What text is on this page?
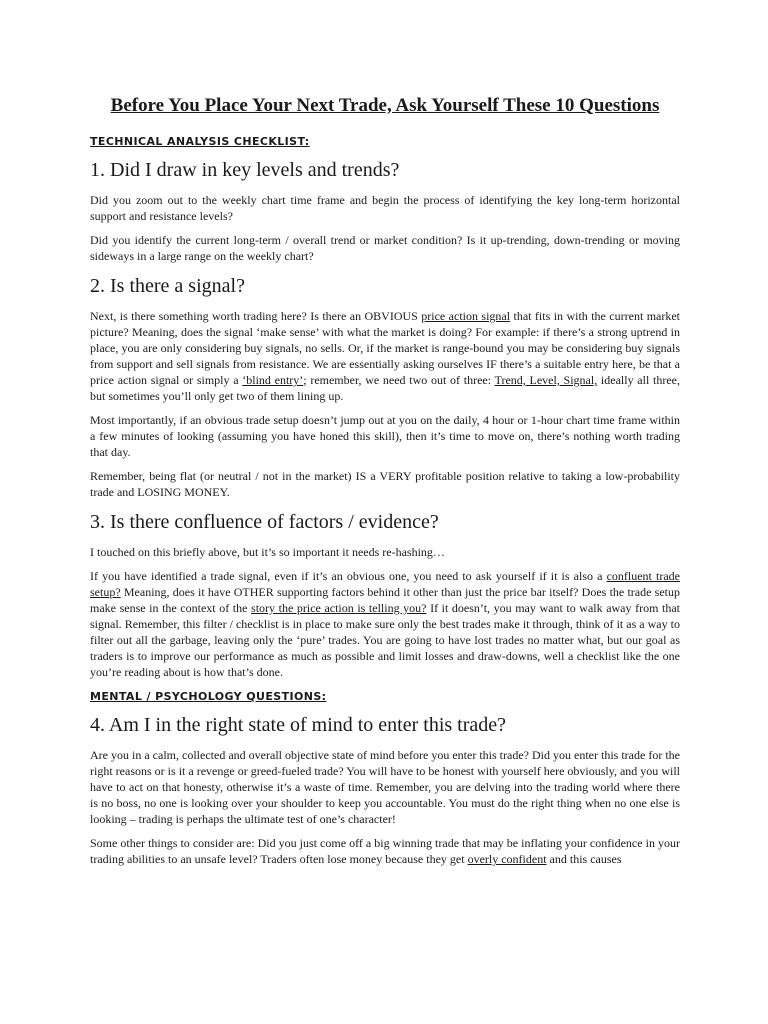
Before You Place Your Next Trade, Ask Yourself These 10 Questions
TECHNICAL ANALYSIS CHECKLIST:
1. Did I draw in key levels and trends?

Did you zoom out to the weekly chart time frame and begin the process of identifying the key long-term horizontal support and resistance levels?

Did you identify the current long-term / overall trend or market condition? Is it up-trending, down-trending or moving sideways in a large range on the weekly chart?

2. Is there a signal?

Next, is there something worth trading here? Is there an OBVIOUS price action signal that fits in with the current market picture? Meaning, does the signal ‘make sense’ with what the market is doing? For example: if there’s a strong uptrend in place, you are only considering buy signals, no sells. Or, if the market is range-bound you may be considering buy signals from support and sell signals from resistance. We are essentially asking ourselves IF there’s a suitable entry here, be that a price action signal or simply a ‘blind entry’; remember, we need two out of three: Trend, Level, Signal, ideally all three, but sometimes you’ll only get two of them lining up.

Most importantly, if an obvious trade setup doesn’t jump out at you on the daily, 4 hour or 1-hour chart time frame within a few minutes of looking (assuming you have honed this skill), then it’s time to move on, there’s nothing worth trading that day.

Remember, being flat (or neutral / not in the market) IS a VERY profitable position relative to taking a low-probability trade and LOSING MONEY.

3. Is there confluence of factors / evidence?

I touched on this briefly above, but it’s so important it needs re-hashing…

If you have identified a trade signal, even if it’s an obvious one, you need to ask yourself if it is also a confluent trade setup? Meaning, does it have OTHER supporting factors behind it other than just the price bar itself? Does the trade setup make sense in the context of the story the price action is telling you? If it doesn’t, you may want to walk away from that signal. Remember, this filter / checklist is in place to make sure only the best trades make it through, think of it as a way to filter out all the garbage, leaving only the ‘pure’ trades. You are going to have lost trades no matter what, but our goal as traders is to improve our performance as much as possible and limit losses and draw-downs, well a checklist like the one you’re reading about is how that’s done.

MENTAL / PSYCHOLOGY QUESTIONS:
4. Am I in the right state of mind to enter this trade?

Are you in a calm, collected and overall objective state of mind before you enter this trade? Did you enter this trade for the right reasons or is it a revenge or greed-fueled trade? You will have to be honest with yourself here obviously, and you will have to act on that honesty, otherwise it’s a waste of time. Remember, you are delving into the trading world where there is no boss, no one is looking over your shoulder to keep you accountable. You must do the right thing when no one else is looking – trading is perhaps the ultimate test of one’s character!

Some other things to consider are: Did you just come off a big winning trade that may be inflating your confidence in your trading abilities to an unsafe level? Traders often lose money because they get overly confident and this causes
